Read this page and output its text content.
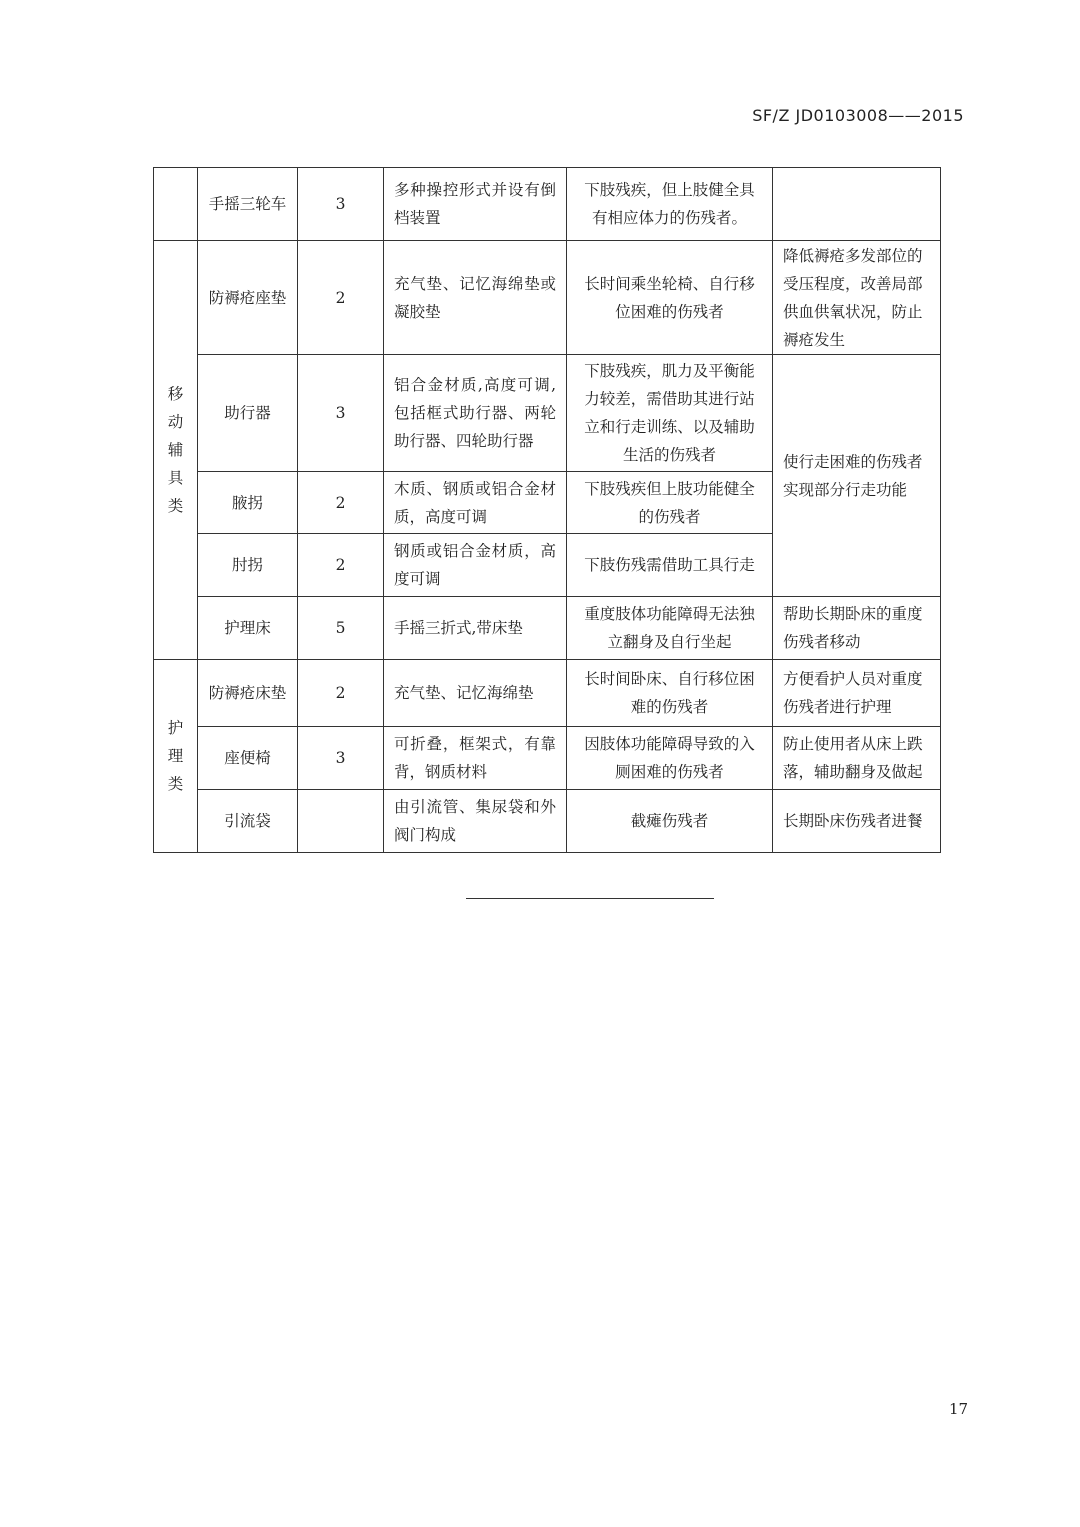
SF/Z JD0103008——2015
	手摇三轮车	3	多种操控形式并设有倒档装置	下肢残疾，但上肢健全具有相应体力的伤残者。	

移动辅具类	防褥疮座垫	2	充气垫、记忆海绵垫或凝胶垫	长时间乘坐轮椅、自行移位困难的伤残者	降低褥疮多发部位的受压程度，改善局部供血供氧状况，防止褥疮发生
	助行器	3	铝合金材质,高度可调,包括框式助行器、两轮助行器、四轮助行器	下肢残疾，肌力及平衡能力较差，需借助其进行站立和行走训练、以及辅助生活的伤残者	使行走困难的伤残者实现部分行走功能
	腋拐	2	木质、钢质或铝合金材质，高度可调	下肢残疾但上肢功能健全的伤残者	
	肘拐	2	钢质或铝合金材质，高度可调	下肢伤残需借助工具行走	
	护理床	5	手摇三折式,带床垫	重度肢体功能障碍无法独立翻身及自行坐起	帮助长期卧床的重度伤残者移动

护理类	防褥疮床垫	2	充气垫、记忆海绵垫	长时间卧床、自行移位困难的伤残者	方便看护人员对重度伤残者进行护理
	座便椅	3	可折叠，框架式，有靠背，钢质材料	因肢体功能障碍导致的入厕困难的伤残者	防止使用者从床上跌落，辅助翻身及做起
	引流袋		由引流管、集尿袋和外阀门构成	截瘫伤残者	长期卧床伤残者进餐
17
